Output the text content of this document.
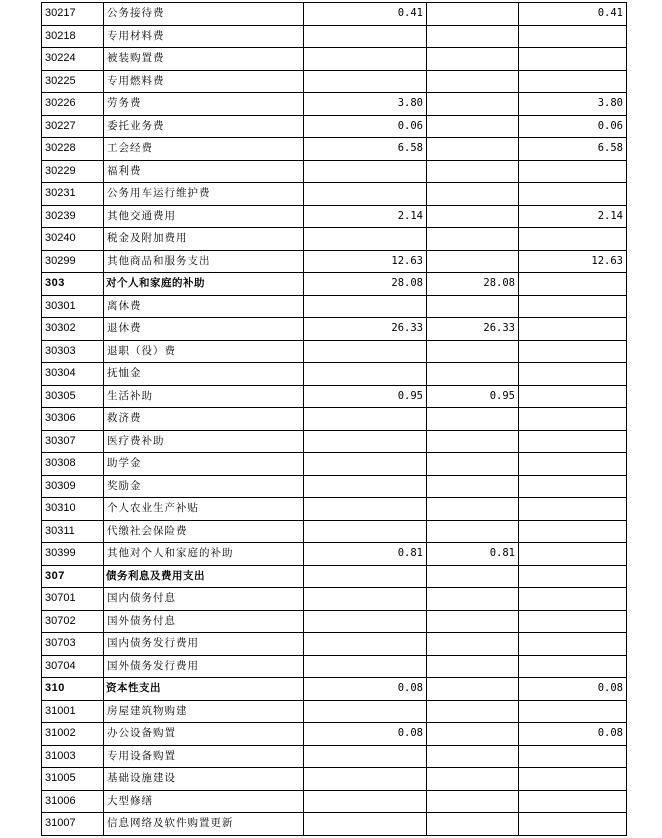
30217	公务接待费	0.41		0.41
30218	专用材料费			
30224	被装购置费			
30225	专用燃料费			
30226	劳务费	3.80		3.80
30227	委托业务费	0.06		0.06
30228	工会经费	6.58		6.58
30229	福利费			
30231	公务用车运行维护费			
30239	其他交通费用	2.14		2.14
30240	税金及附加费用			
30299	其他商品和服务支出	12.63		12.63
303	对个人和家庭的补助	28.08	28.08	
30301	离休费			
30302	退休费	26.33	26.33	
30303	退职（役）费			
30304	抚恤金			
30305	生活补助	0.95	0.95	
30306	救济费			
30307	医疗费补助			
30308	助学金			
30309	奖励金			
30310	个人农业生产补贴			
30311	代缴社会保险费			
30399	其他对个人和家庭的补助	0.81	0.81	
307	债务利息及费用支出			
30701	国内债务付息			
30702	国外债务付息			
30703	国内债务发行费用			
30704	国外债务发行费用			
310	资本性支出	0.08		0.08
31001	房屋建筑物购建			
31002	办公设备购置	0.08		0.08
31003	专用设备购置			
31005	基础设施建设			
31006	大型修缮			
31007	信息网络及软件购置更新			
